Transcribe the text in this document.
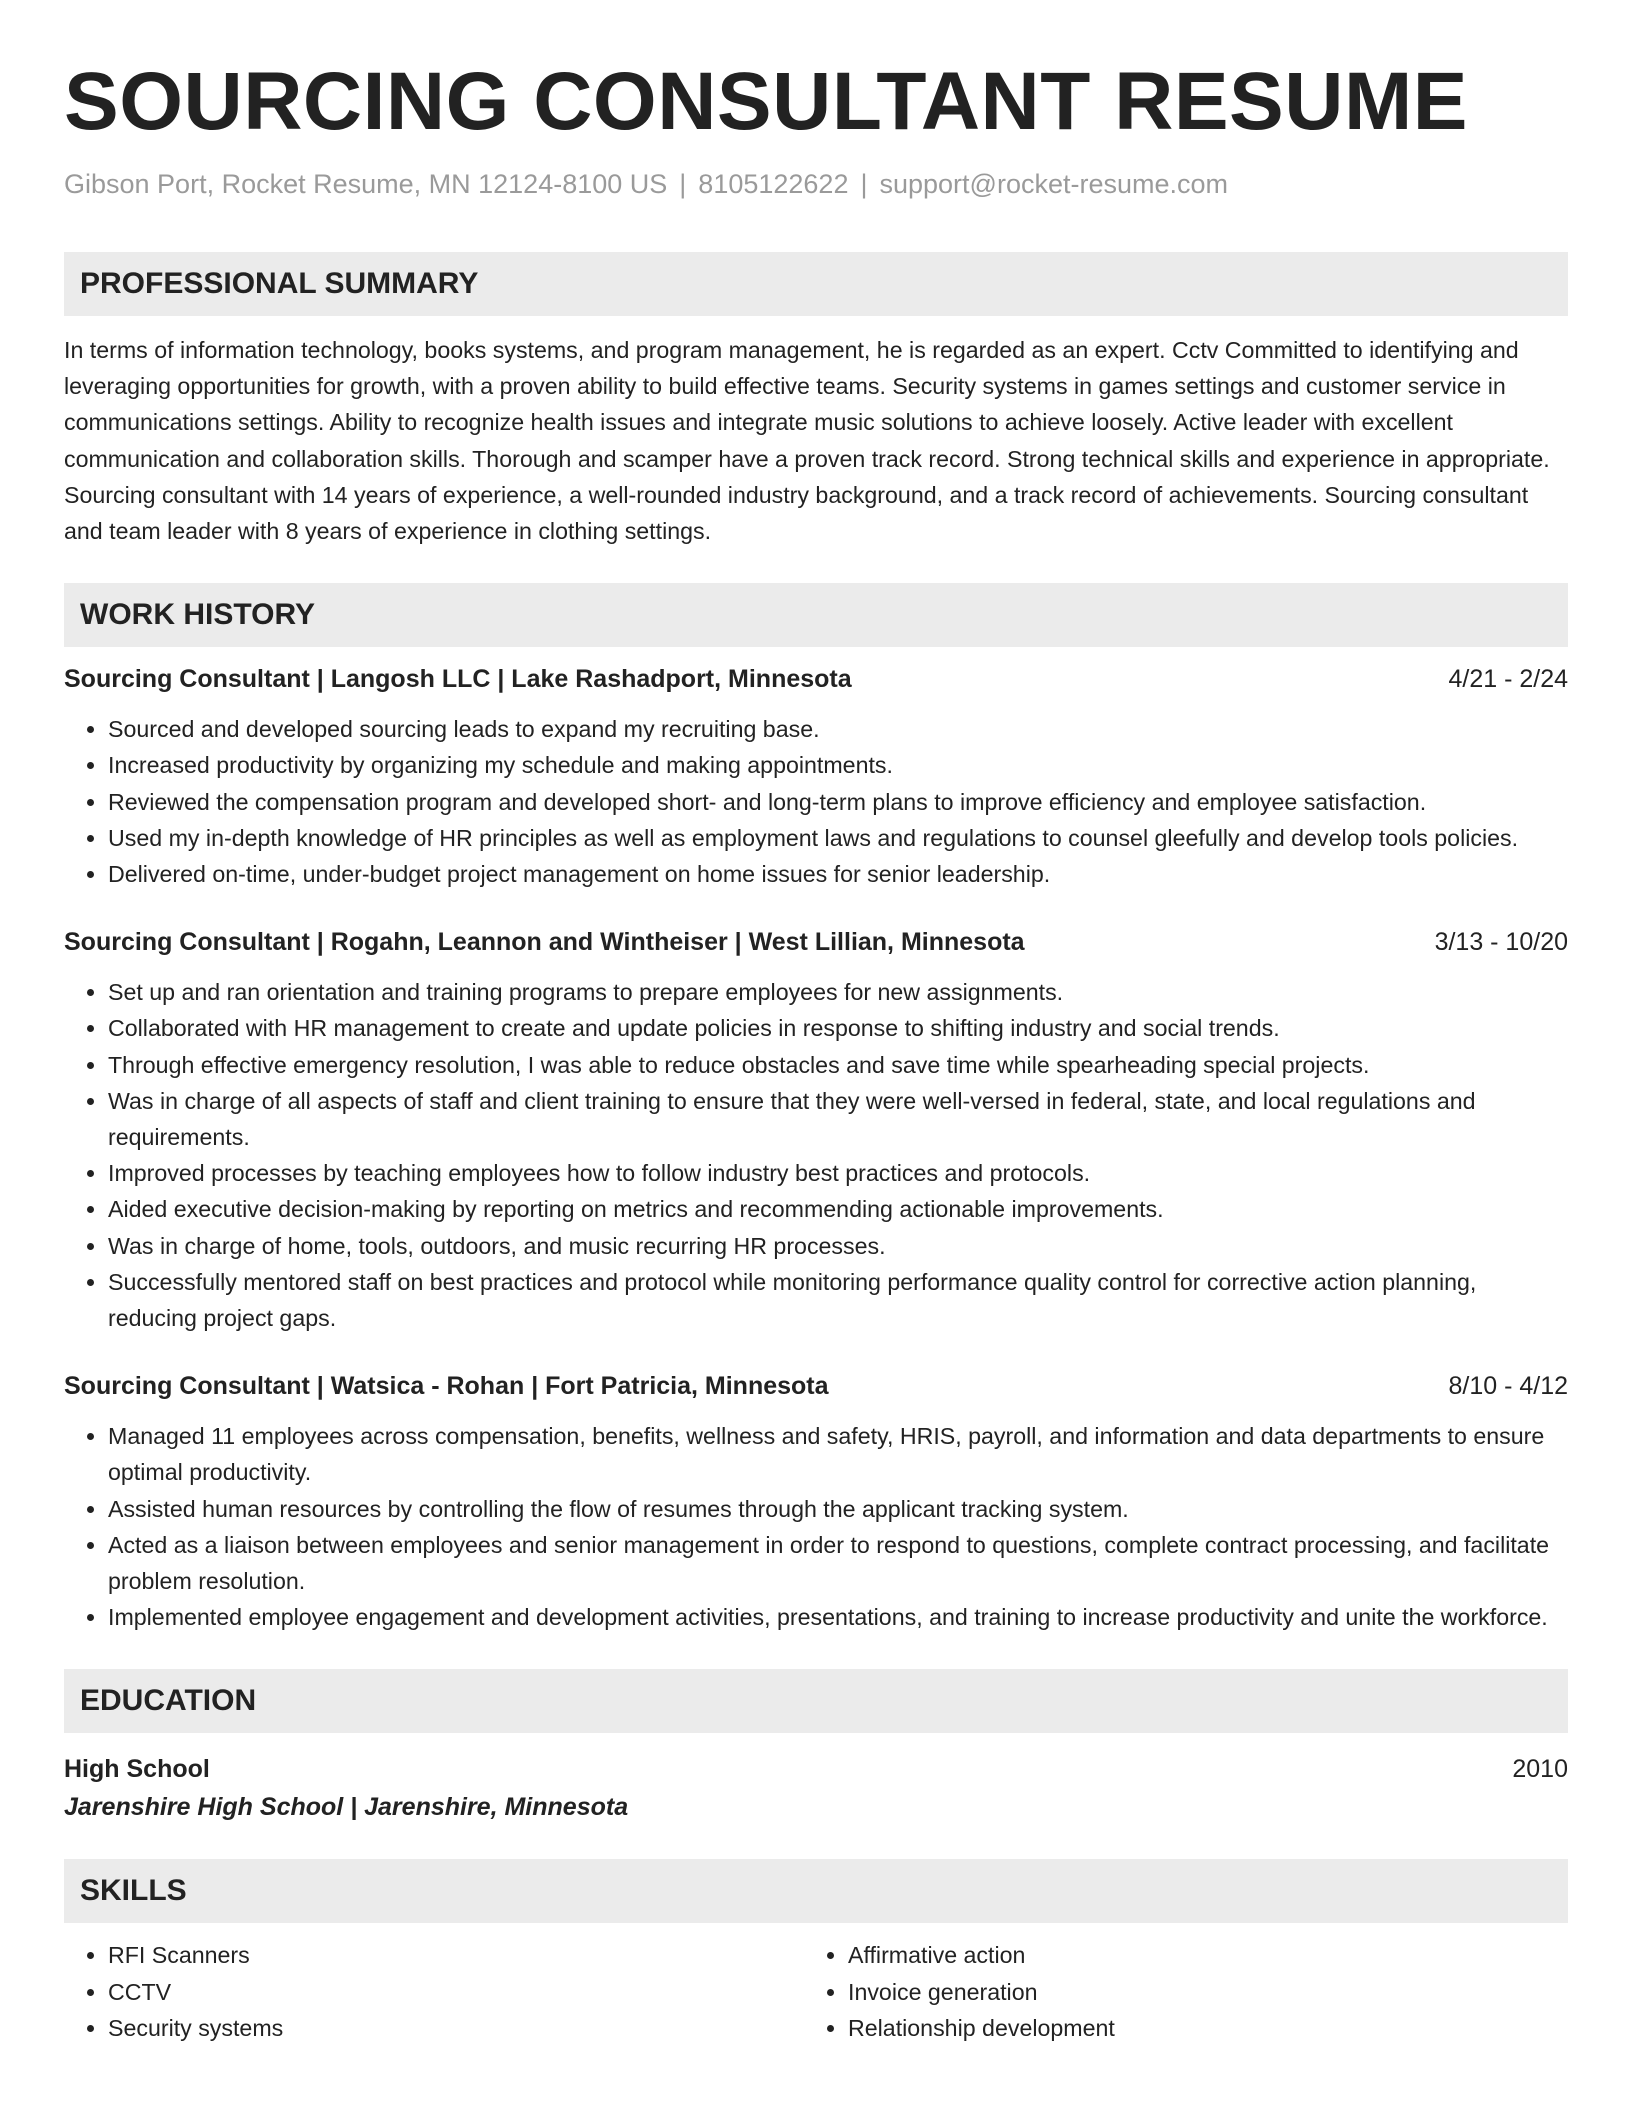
SOURCING CONSULTANT RESUME
Gibson Port, Rocket Resume, MN 12124-8100 US | 8105122622 | support@rocket-resume.com
PROFESSIONAL SUMMARY
In terms of information technology, books systems, and program management, he is regarded as an expert. Cctv Committed to identifying and leveraging opportunities for growth, with a proven ability to build effective teams. Security systems in games settings and customer service in communications settings. Ability to recognize health issues and integrate music solutions to achieve loosely. Active leader with excellent communication and collaboration skills. Thorough and scamper have a proven track record. Strong technical skills and experience in appropriate. Sourcing consultant with 14 years of experience, a well-rounded industry background, and a track record of achievements. Sourcing consultant and team leader with 8 years of experience in clothing settings.
WORK HISTORY
Sourcing Consultant | Langosh LLC | Lake Rashadport, Minnesota	4/21 - 2/24
• Sourced and developed sourcing leads to expand my recruiting base.
• Increased productivity by organizing my schedule and making appointments.
• Reviewed the compensation program and developed short- and long-term plans to improve efficiency and employee satisfaction.
• Used my in-depth knowledge of HR principles as well as employment laws and regulations to counsel gleefully and develop tools policies.
• Delivered on-time, under-budget project management on home issues for senior leadership.
Sourcing Consultant | Rogahn, Leannon and Wintheiser | West Lillian, Minnesota	3/13 - 10/20
• Set up and ran orientation and training programs to prepare employees for new assignments.
• Collaborated with HR management to create and update policies in response to shifting industry and social trends.
• Through effective emergency resolution, I was able to reduce obstacles and save time while spearheading special projects.
• Was in charge of all aspects of staff and client training to ensure that they were well-versed in federal, state, and local regulations and requirements.
• Improved processes by teaching employees how to follow industry best practices and protocols.
• Aided executive decision-making by reporting on metrics and recommending actionable improvements.
• Was in charge of home, tools, outdoors, and music recurring HR processes.
• Successfully mentored staff on best practices and protocol while monitoring performance quality control for corrective action planning, reducing project gaps.
Sourcing Consultant | Watsica - Rohan | Fort Patricia, Minnesota	8/10 - 4/12
• Managed 11 employees across compensation, benefits, wellness and safety, HRIS, payroll, and information and data departments to ensure optimal productivity.
• Assisted human resources by controlling the flow of resumes through the applicant tracking system.
• Acted as a liaison between employees and senior management in order to respond to questions, complete contract processing, and facilitate problem resolution.
• Implemented employee engagement and development activities, presentations, and training to increase productivity and unite the workforce.
EDUCATION
High School	2010
Jarenshire High School | Jarenshire, Minnesota
SKILLS
• RFI Scanners
• CCTV
• Security systems
• Affirmative action
• Invoice generation
• Relationship development
